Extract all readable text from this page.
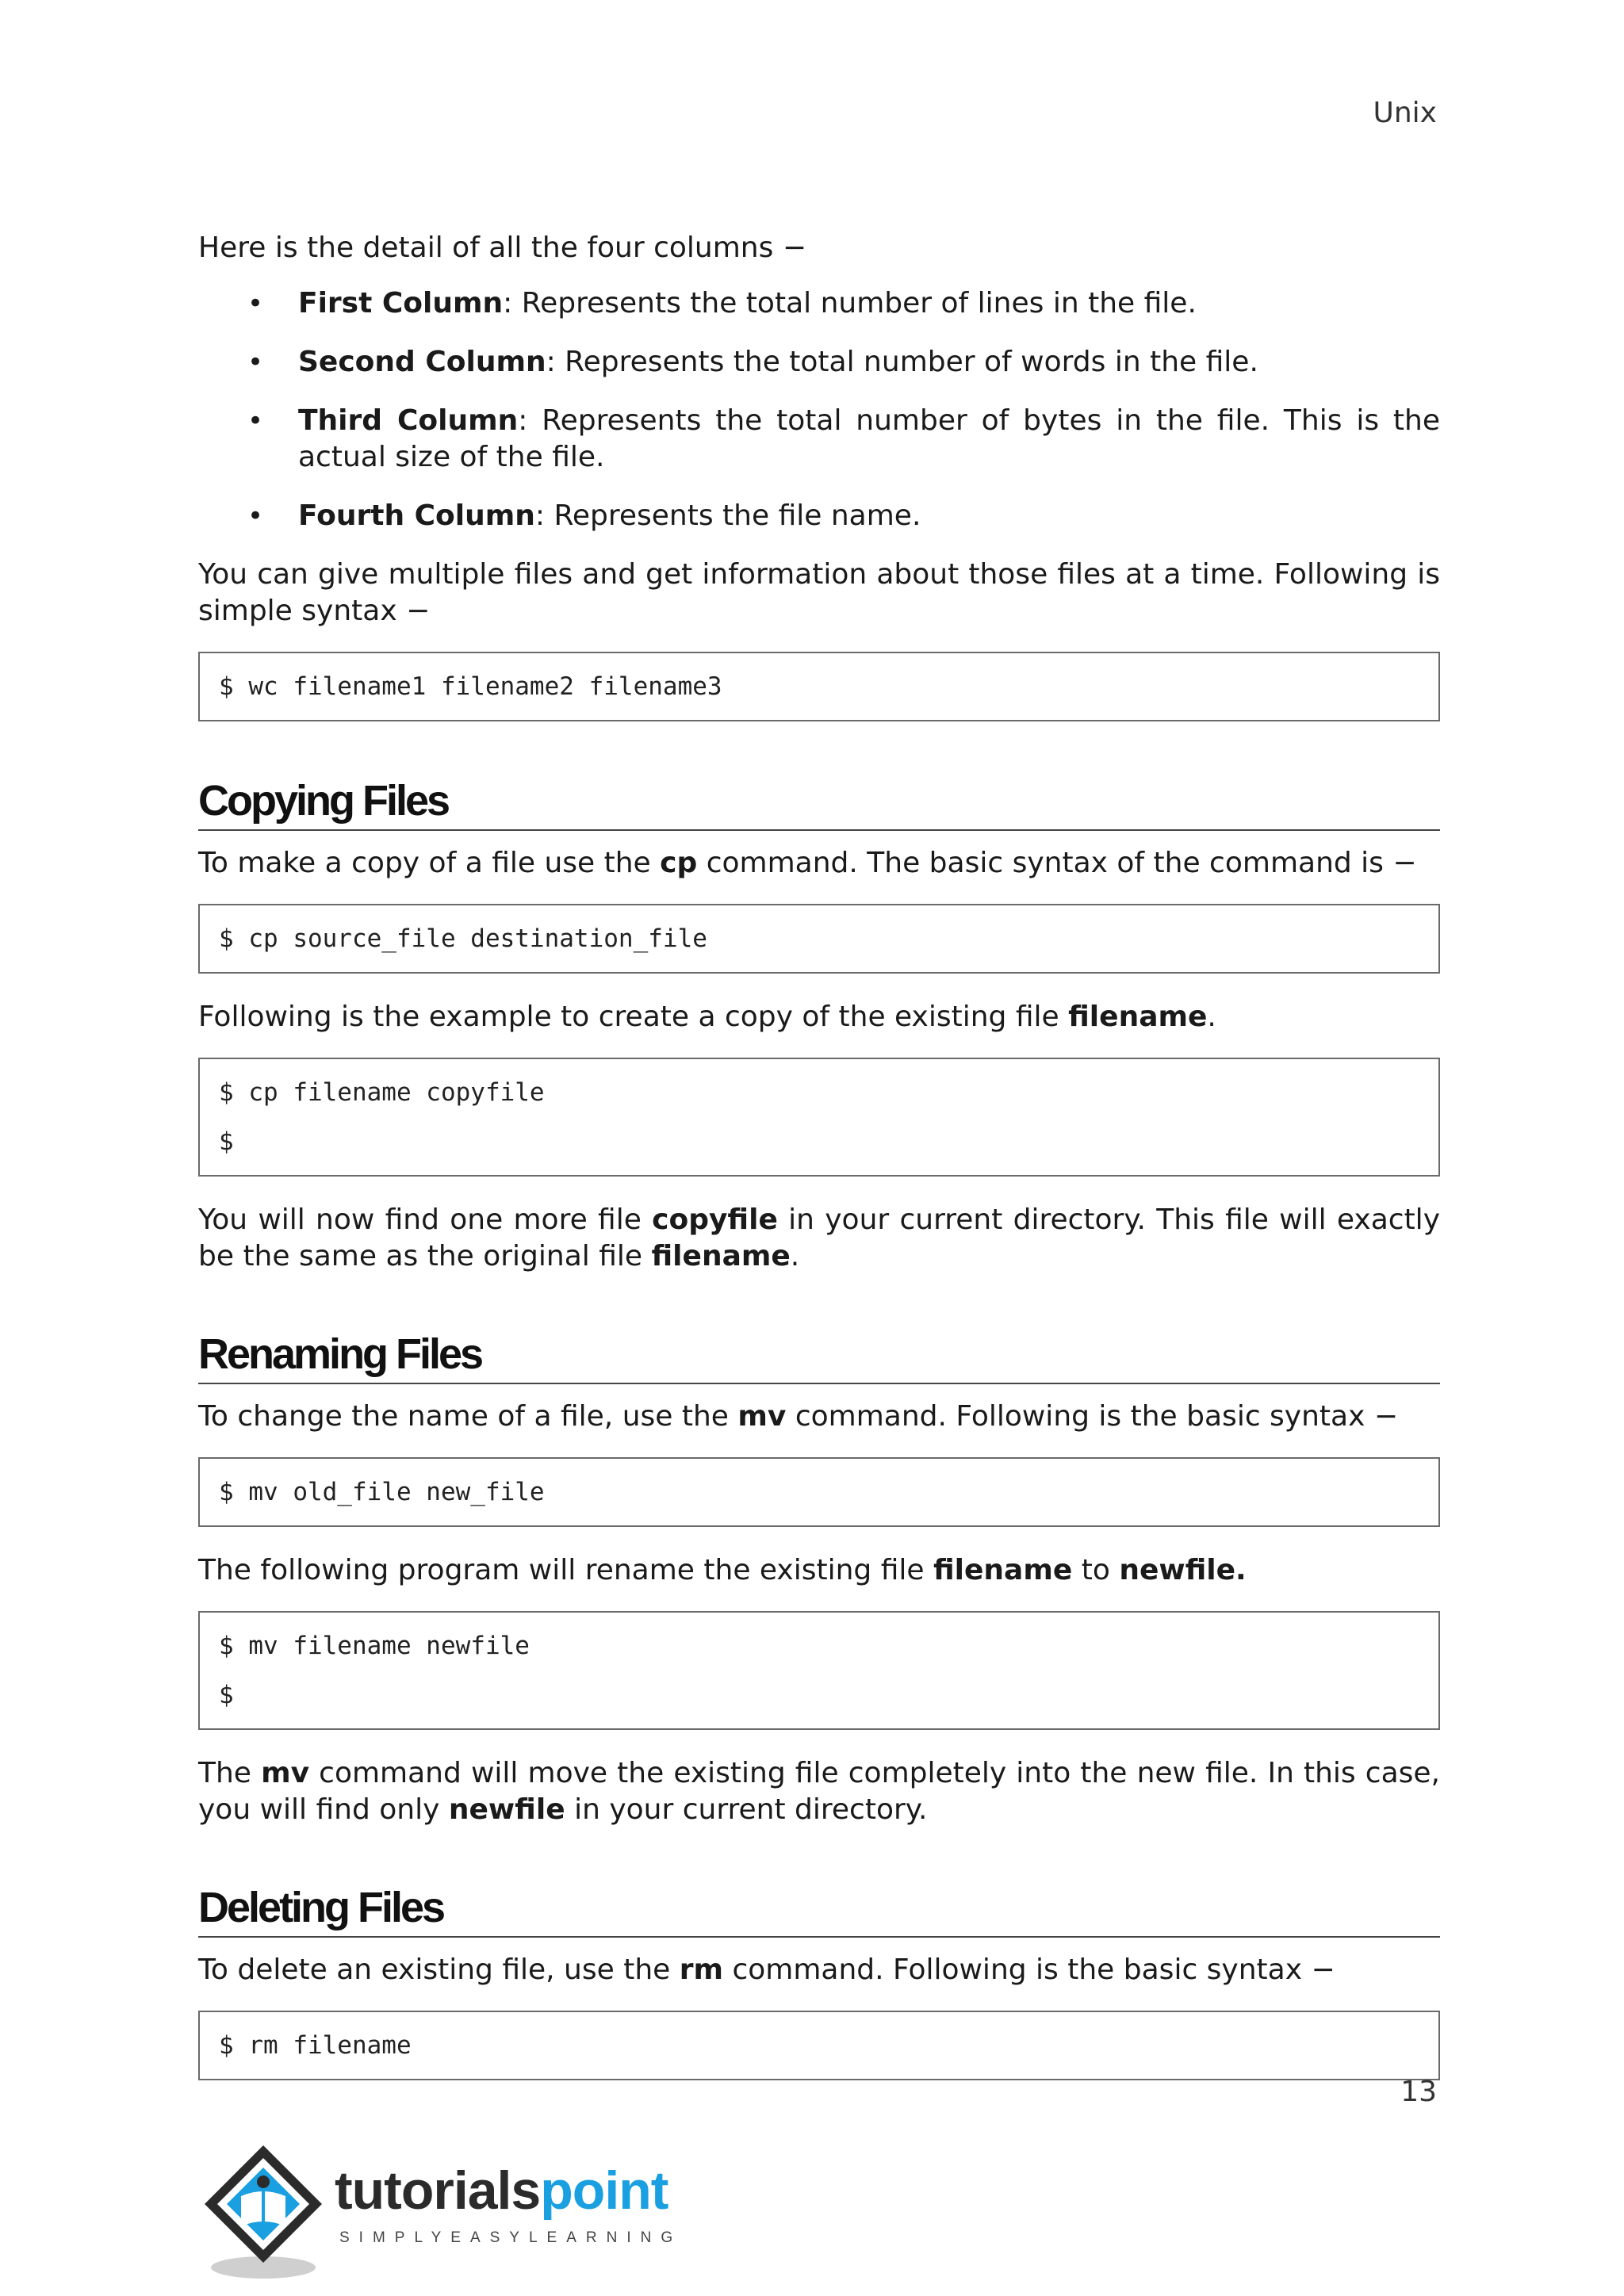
Unix

Here is the detail of all the four columns −

• First Column: Represents the total number of lines in the file.
• Second Column: Represents the total number of words in the file.
• Third Column: Represents the total number of bytes in the file. This is the actual size of the file.
• Fourth Column: Represents the file name.

You can give multiple files and get information about those files at a time. Following is simple syntax −

$ wc filename1 filename2 filename3
Copying Files

To make a copy of a file use the cp command. The basic syntax of the command is −

$ cp source_file destination_file

Following is the example to create a copy of the existing file filename.

$ cp filename copyfile
$

You will now find one more file copyfile in your current directory. This file will exactly be the same as the original file filename.

Renaming Files

To change the name of a file, use the mv command. Following is the basic syntax −

$ mv old_file new_file

The following program will rename the existing file filename to newfile.

$ mv filename newfile
$

The mv command will move the existing file completely into the new file. In this case, you will find only newfile in your current directory.

Deleting Files

To delete an existing file, use the rm command. Following is the basic syntax −

$ rm filename
13
tutorialspoint
SIMPLYEASYLEARNING
